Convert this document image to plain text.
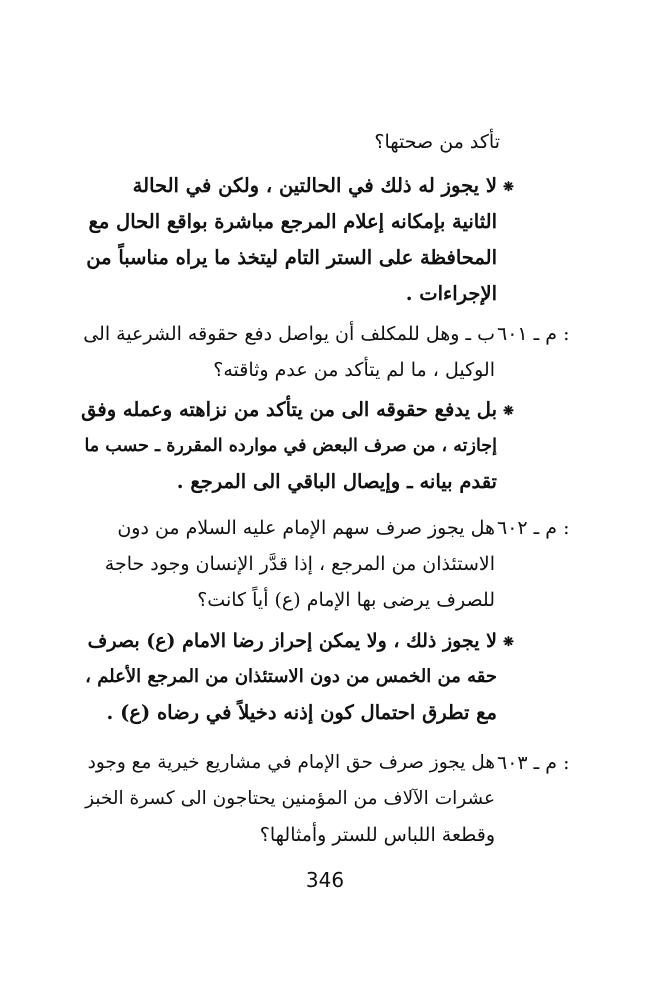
تأكد من صحتها؟
❋
لا يجوز له ذلك في الحالتين ، ولكن في الحالة
الثانية بإمكانه إعلام المرجع مباشرة بواقع الحال مع
المحافظة على الستر التام ليتخذ ما يراه مناسباً من
الإجراءات .
م ـ ٦٠١ :
ب ـ وهل للمكلف أن يواصل دفع حقوقه الشرعية الى
الوكيل ، ما لم يتأكد من عدم وثاقته؟
❋
بل يدفع حقوقه الى من يتأكد من نزاهته وعمله وفق
إجازته ، من صرف البعض في موارده المقررة ـ حسب ما
تقدم بيانه ـ وإيصال الباقي الى المرجع .
م ـ ٦٠٢ :
هل يجوز صرف سهم الإمام عليه السلام من دون
الاستئذان من المرجع ، إذا قدَّر الإنسان وجود حاجة
للصرف يرضى بها الإمام (ع) أياً كانت؟
❋
لا يجوز ذلك ، ولا يمكن إحراز رضا الامام (ع) بصرف
حقه من الخمس من دون الاستئذان من المرجع الأعلم ،
مع تطرق احتمال كون إذنه دخيلاً في رضاه (ع) .
م ـ ٦٠٣ :
هل يجوز صرف حق الإمام في مشاريع خيرية مع وجود
عشرات الآلاف من المؤمنين يحتاجون الى كسرة الخبز
وقطعة اللباس للستر وأمثالها؟
346
